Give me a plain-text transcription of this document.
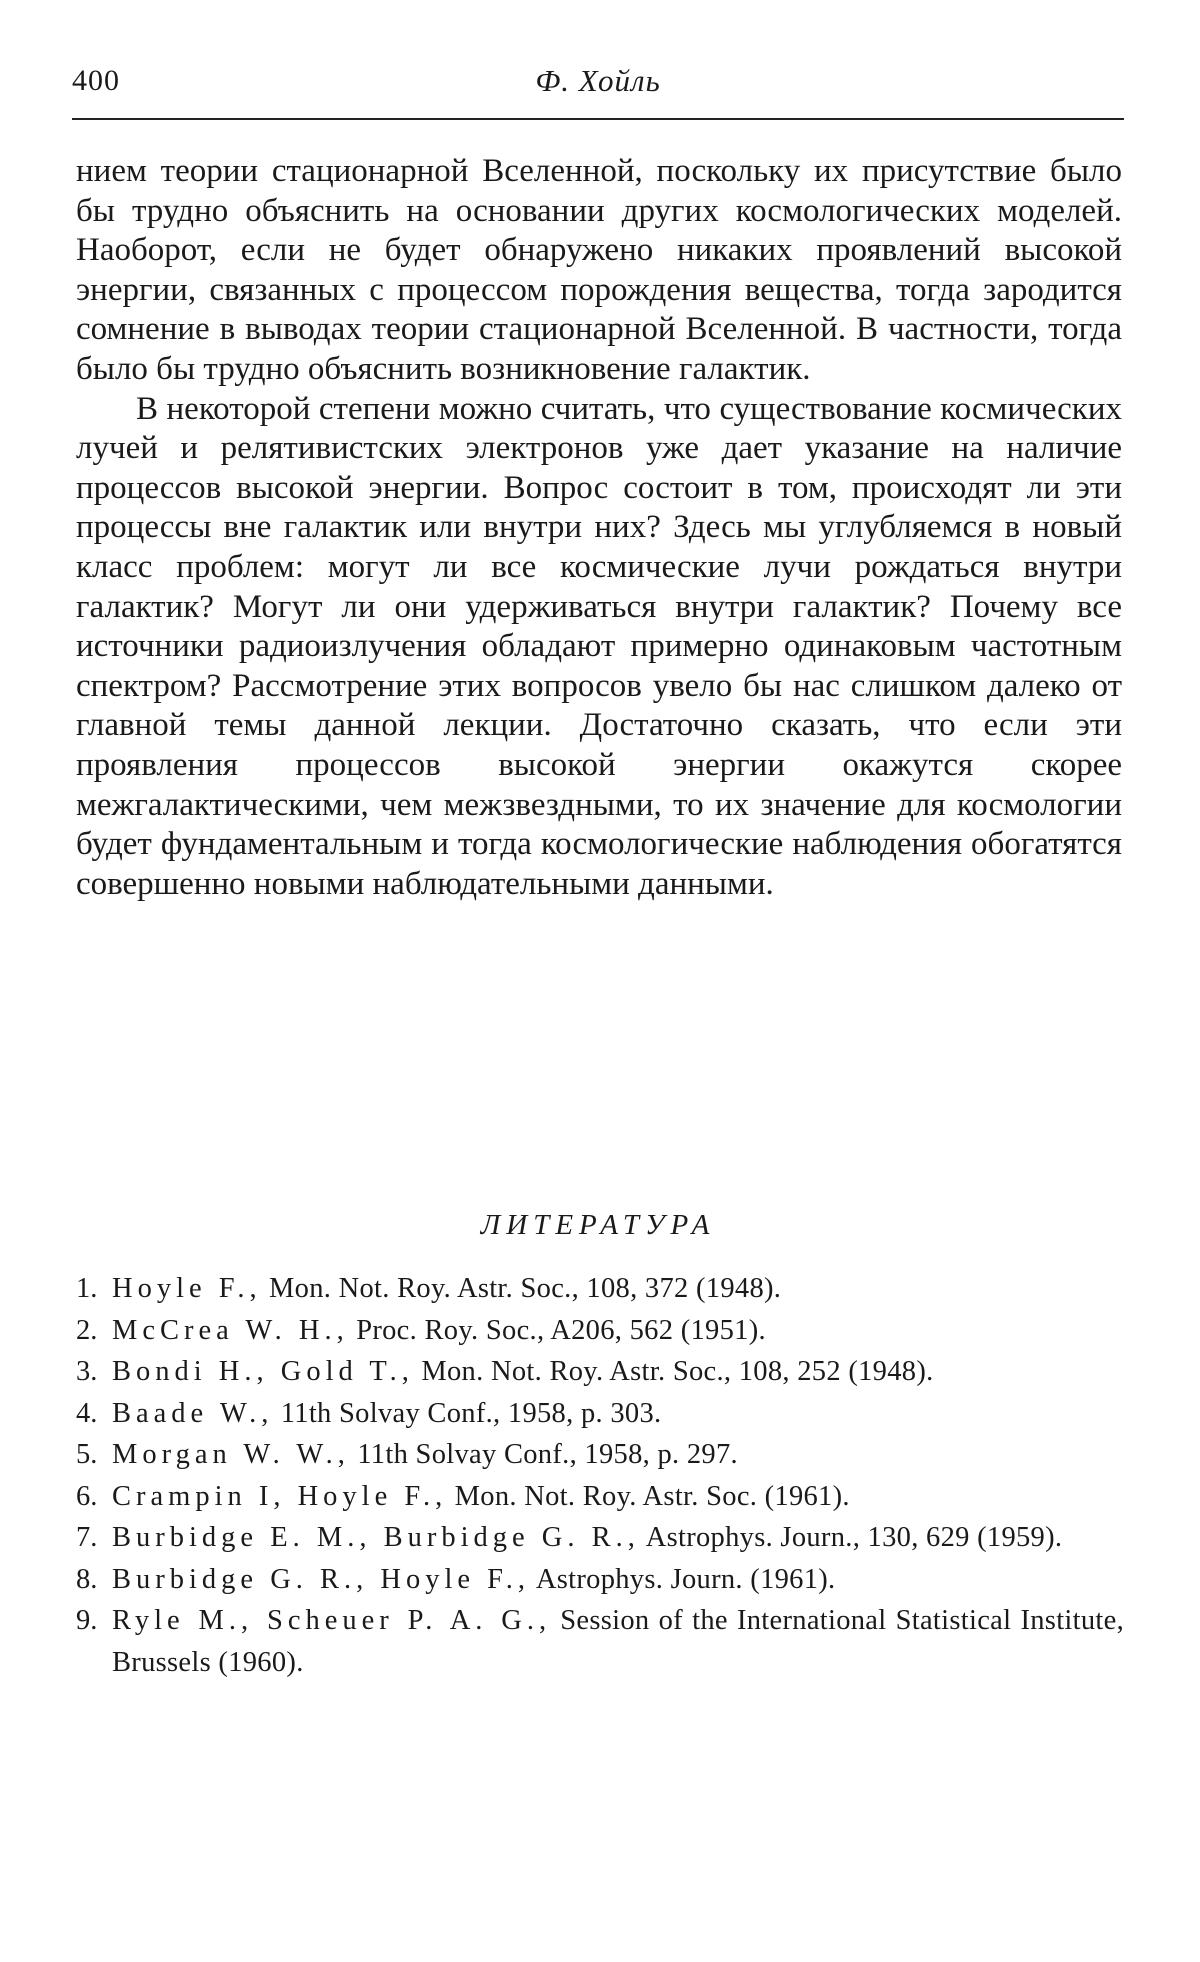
400	Ф. Хойль

нием теории стационарной Вселенной, поскольку их присутствие было бы трудно объяснить на основании других космологических моделей. Наоборот, если не будет обнаружено никаких проявлений высокой энергии, связанных с процессом порождения вещества, тогда зародится сомнение в выводах теории стационарной Вселенной. В частности, тогда было бы трудно объяснить возникновение галактик.

В некоторой степени можно считать, что существование космических лучей и релятивистских электронов уже дает указание на наличие процессов высокой энергии. Вопрос состоит в том, происходят ли эти процессы вне галактик или внутри них? Здесь мы углубляемся в новый класс проблем: могут ли все космические лучи рождаться внутри галактик? Могут ли они удерживаться внутри галактик? Почему все источники радиоизлучения обладают примерно одинаковым частотным спектром? Рассмотрение этих вопросов увело бы нас слишком далеко от главной темы данной лекции. Достаточно сказать, что если эти проявления процессов высокой энергии окажутся скорее межгалактическими, чем межзвездными, то их значение для космологии будет фундаментальным и тогда космологические наблюдения обогатятся совершенно новыми наблюдательными данными.

ЛИТЕРАТУРА
1. Hoyle F., Mon. Not. Roy. Astr. Soc., 108, 372 (1948).
2. McCrea W. H., Proc. Roy. Soc., A206, 562 (1951).
3. Bondi H., Gold T., Mon. Not. Roy. Astr. Soc., 108, 252 (1948).
4. Baade W., 11th Solvay Conf., 1958, p. 303.
5. Morgan W. W., 11th Solvay Conf., 1958, p. 297.
6. Crampin I, Hoyle F., Mon. Not. Roy. Astr. Soc. (1961).
7. Burbidge E. M., Burbidge G. R., Astrophys. Journ., 130, 629 (1959).
8. Burbidge G. R., Hoyle F., Astrophys. Journ. (1961).
9. Ryle M., Scheuer P. A. G., Session of the International Statistical Institute, Brussels (1960).
